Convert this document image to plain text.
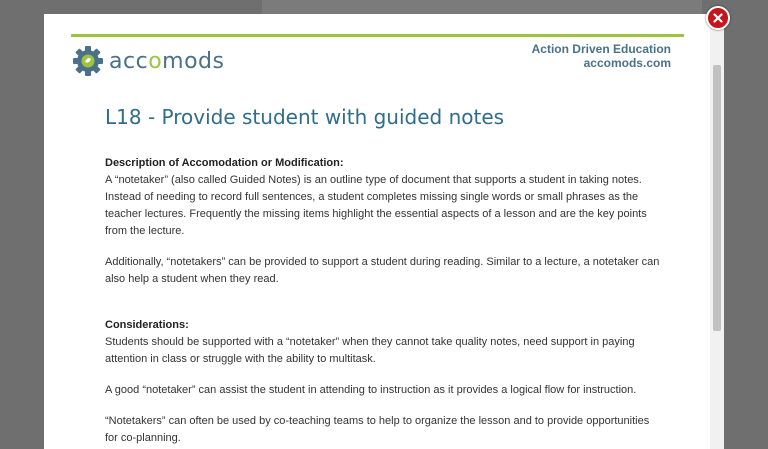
accomods	Action Driven Education
accomods.com
L18 - Provide student with guided notes
Description of Accomodation or Modification:

A “notetaker” (also called Guided Notes) is an outline type of document that supports a student in taking notes. Instead of needing to record full sentences, a student completes missing single words or small phrases as the teacher lectures. Frequently the missing items highlight the essential aspects of a lesson and are the key points from the lecture.

Additionally, “notetakers” can be provided to support a student during reading. Similar to a lecture, a notetaker can also help a student when they read.

Considerations:

Students should be supported with a “notetaker” when they cannot take quality notes, need support in paying attention in class or struggle with the ability to multitask.

A good “notetaker” can assist the student in attending to instruction as it provides a logical flow for instruction.

“Notetakers” can often be used by co-teaching teams to help to organize the lesson and to provide opportunities for co-planning.
